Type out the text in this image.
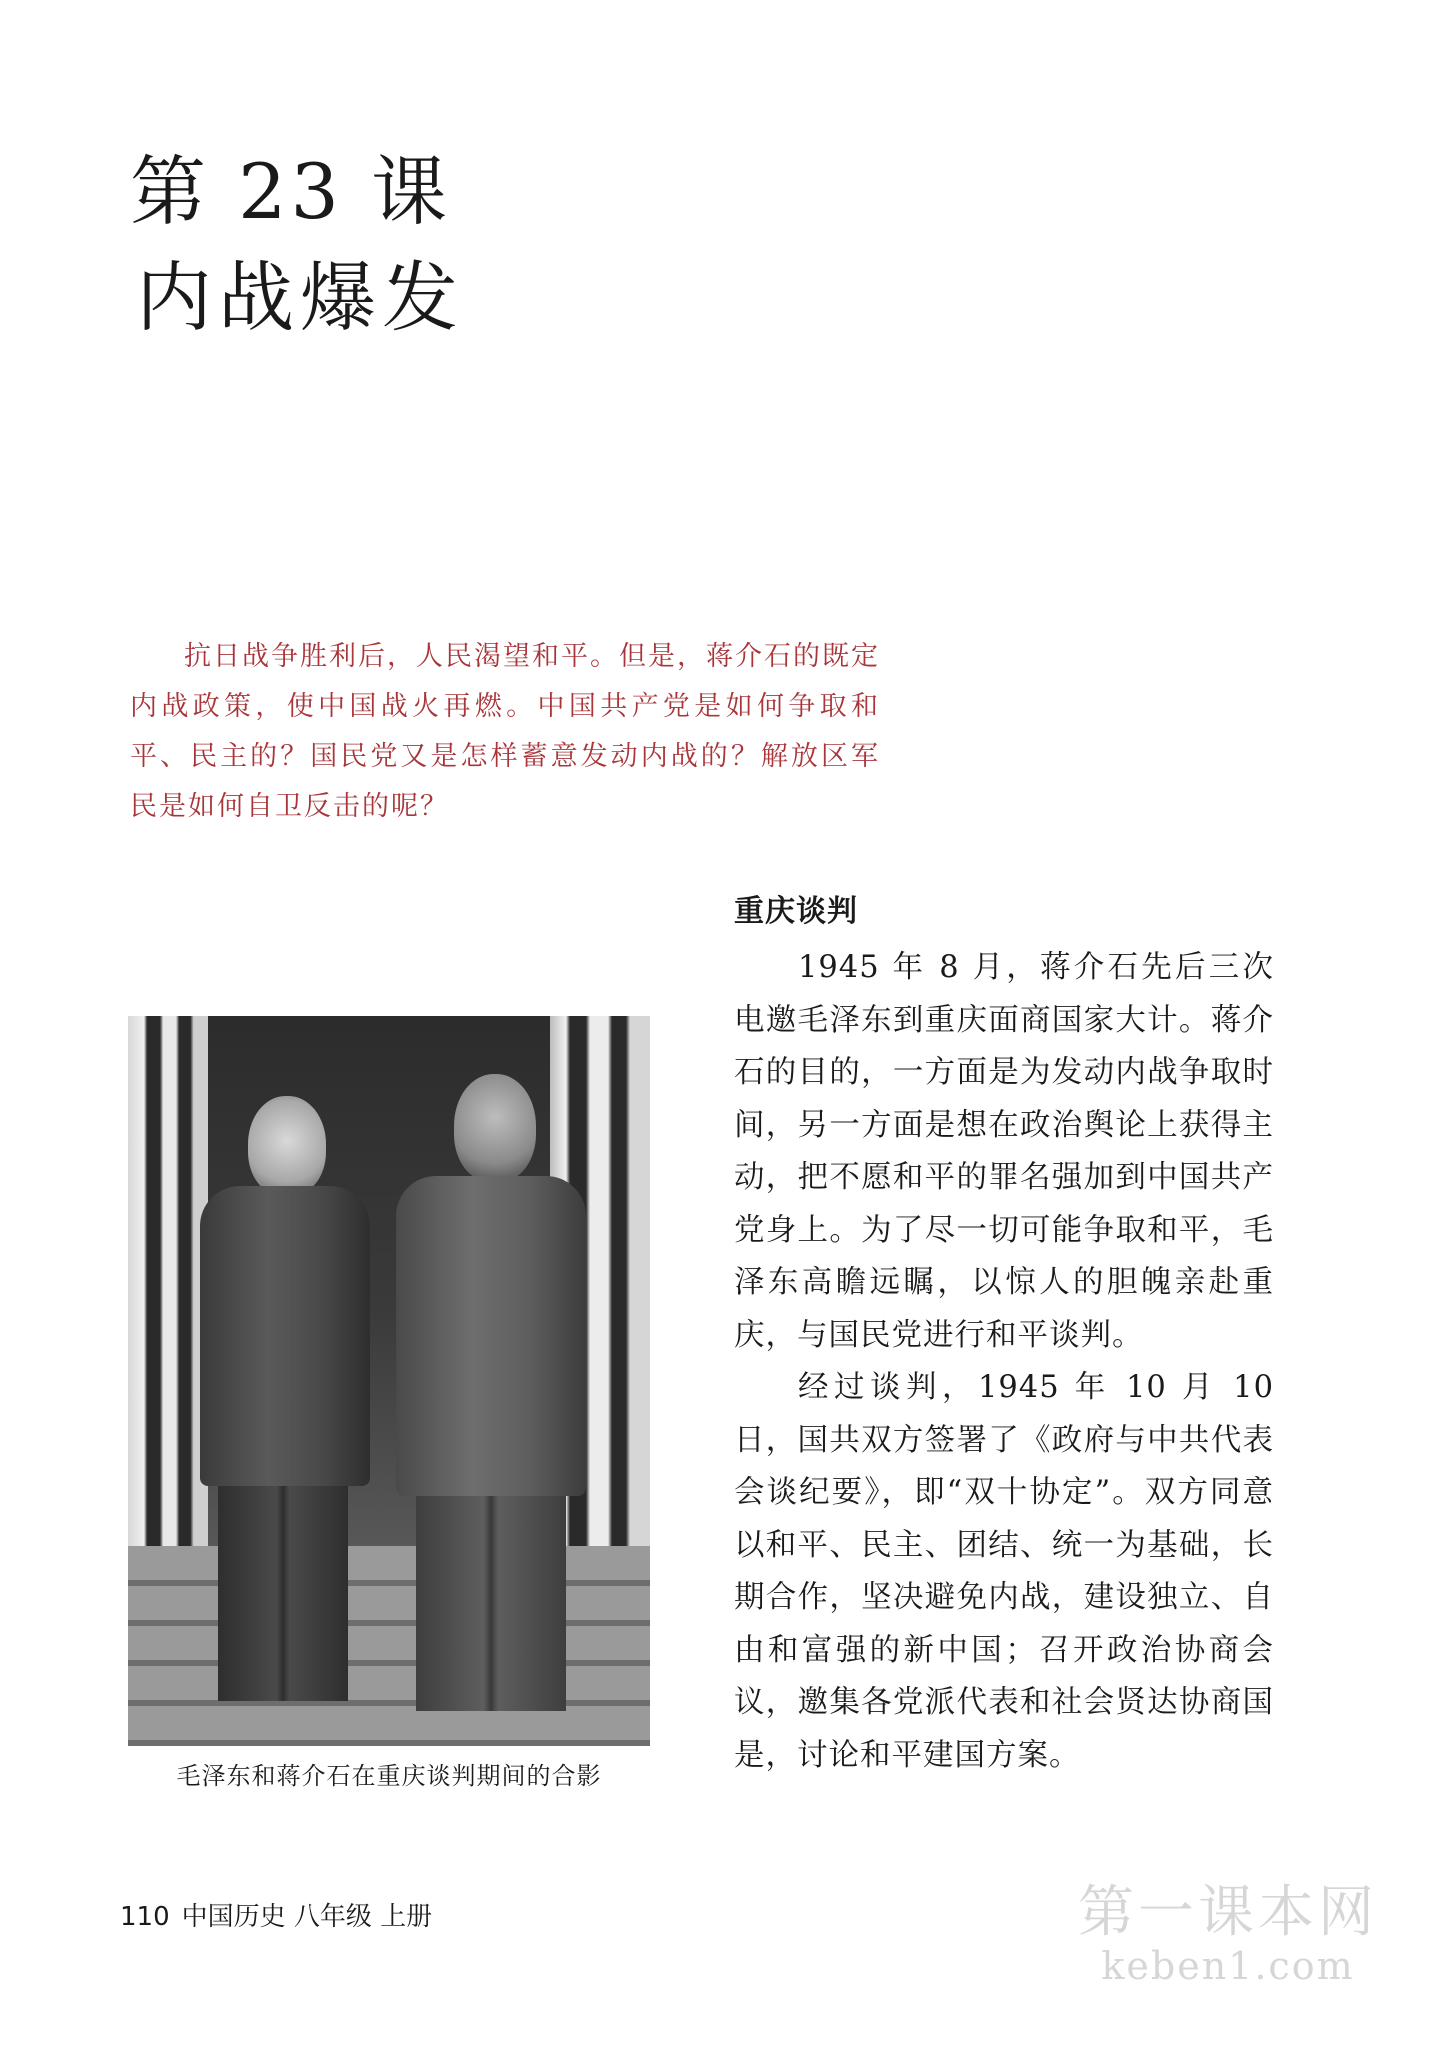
第 23 课
内战爆发

抗日战争胜利后，人民渴望和平。但是，蒋介石的既定内战政策，使中国战火再燃。中国共产党是如何争取和平、民主的？国民党又是怎样蓄意发动内战的？解放区军民是如何自卫反击的呢？

毛泽东和蒋介石在重庆谈判期间的合影
重庆谈判

1945 年 8 月，蒋介石先后三次电邀毛泽东到重庆面商国家大计。蒋介石的目的，一方面是为发动内战争取时间，另一方面是想在政治舆论上获得主动，把不愿和平的罪名强加到中国共产党身上。为了尽一切可能争取和平，毛泽东高瞻远瞩，以惊人的胆魄亲赴重庆，与国民党进行和平谈判。

经过谈判，1945 年 10 月 10 日，国共双方签署了《政府与中共代表会谈纪要》，即“双十协定”。双方同意以和平、民主、团结、统一为基础，长期合作，坚决避免内战，建设独立、自由和富强的新中国；召开政治协商会议，邀集各党派代表和社会贤达协商国是，讨论和平建国方案。

110 中国历史 八年级 上册	第一课本网
keben1.com
